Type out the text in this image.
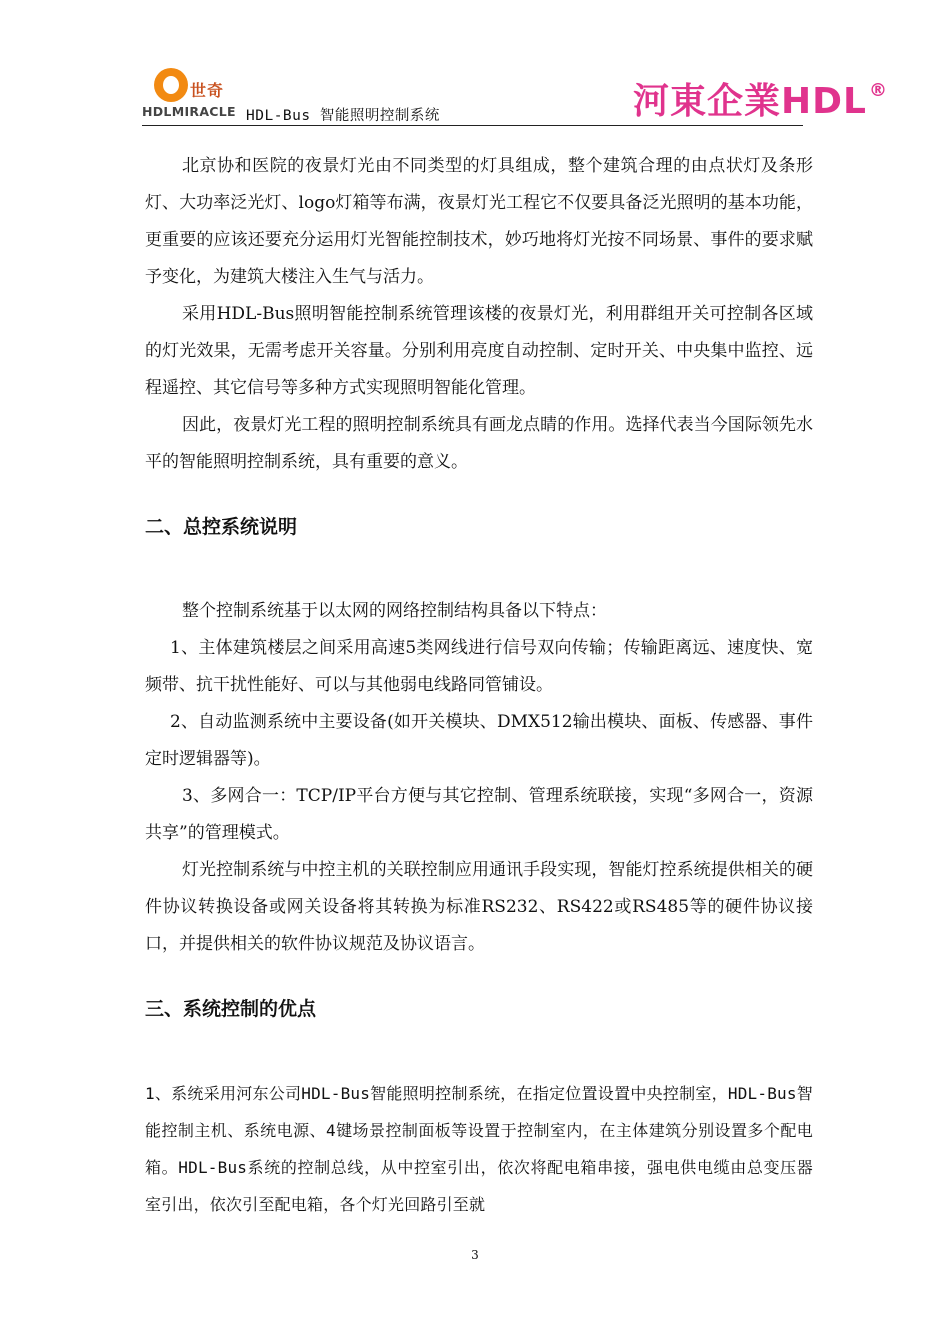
世奇
HDLMIRACLE HDL-Bus 智能照明控制系统	河東企業HDL ®

北京协和医院的夜景灯光由不同类型的灯具组成，整个建筑合理的由点状灯及条形灯、大功率泛光灯、logo灯箱等布满，夜景灯光工程它不仅要具备泛光照明的基本功能，更重要的应该还要充分运用灯光智能控制技术，妙巧地将灯光按不同场景、事件的要求赋予变化，为建筑大楼注入生气与活力。

采用HDL-Bus照明智能控制系统管理该楼的夜景灯光，利用群组开关可控制各区域的灯光效果，无需考虑开关容量。分别利用亮度自动控制、定时开关、中央集中监控、远程遥控、其它信号等多种方式实现照明智能化管理。

因此，夜景灯光工程的照明控制系统具有画龙点睛的作用。选择代表当今国际领先水平的智能照明控制系统，具有重要的意义。

二、总控系统说明

整个控制系统基于以太网的网络控制结构具备以下特点：

1、主体建筑楼层之间采用高速5类网线进行信号双向传输；传输距离远、速度快、宽频带、抗干扰性能好、可以与其他弱电线路同管铺设。

2、自动监测系统中主要设备(如开关模块、DMX512输出模块、面板、传感器、事件定时逻辑器等)。

3、多网合一：TCP/IP平台方便与其它控制、管理系统联接，实现“多网合一，资源共享”的管理模式。

灯光控制系统与中控主机的关联控制应用通讯手段实现，智能灯控系统提供相关的硬件协议转换设备或网关设备将其转换为标准RS232、RS422或RS485等的硬件协议接口，并提供相关的软件协议规范及协议语言。

三、系统控制的优点

1、系统采用河东公司HDL-Bus智能照明控制系统，在指定位置设置中央控制室，HDL-Bus智能控制主机、系统电源、4键场景控制面板等设置于控制室内，在主体建筑分别设置多个配电箱。HDL-Bus系统的控制总线，从中控室引出，依次将配电箱串接，强电供电缆由总变压器室引出，依次引至配电箱，各个灯光回路引至就

3
